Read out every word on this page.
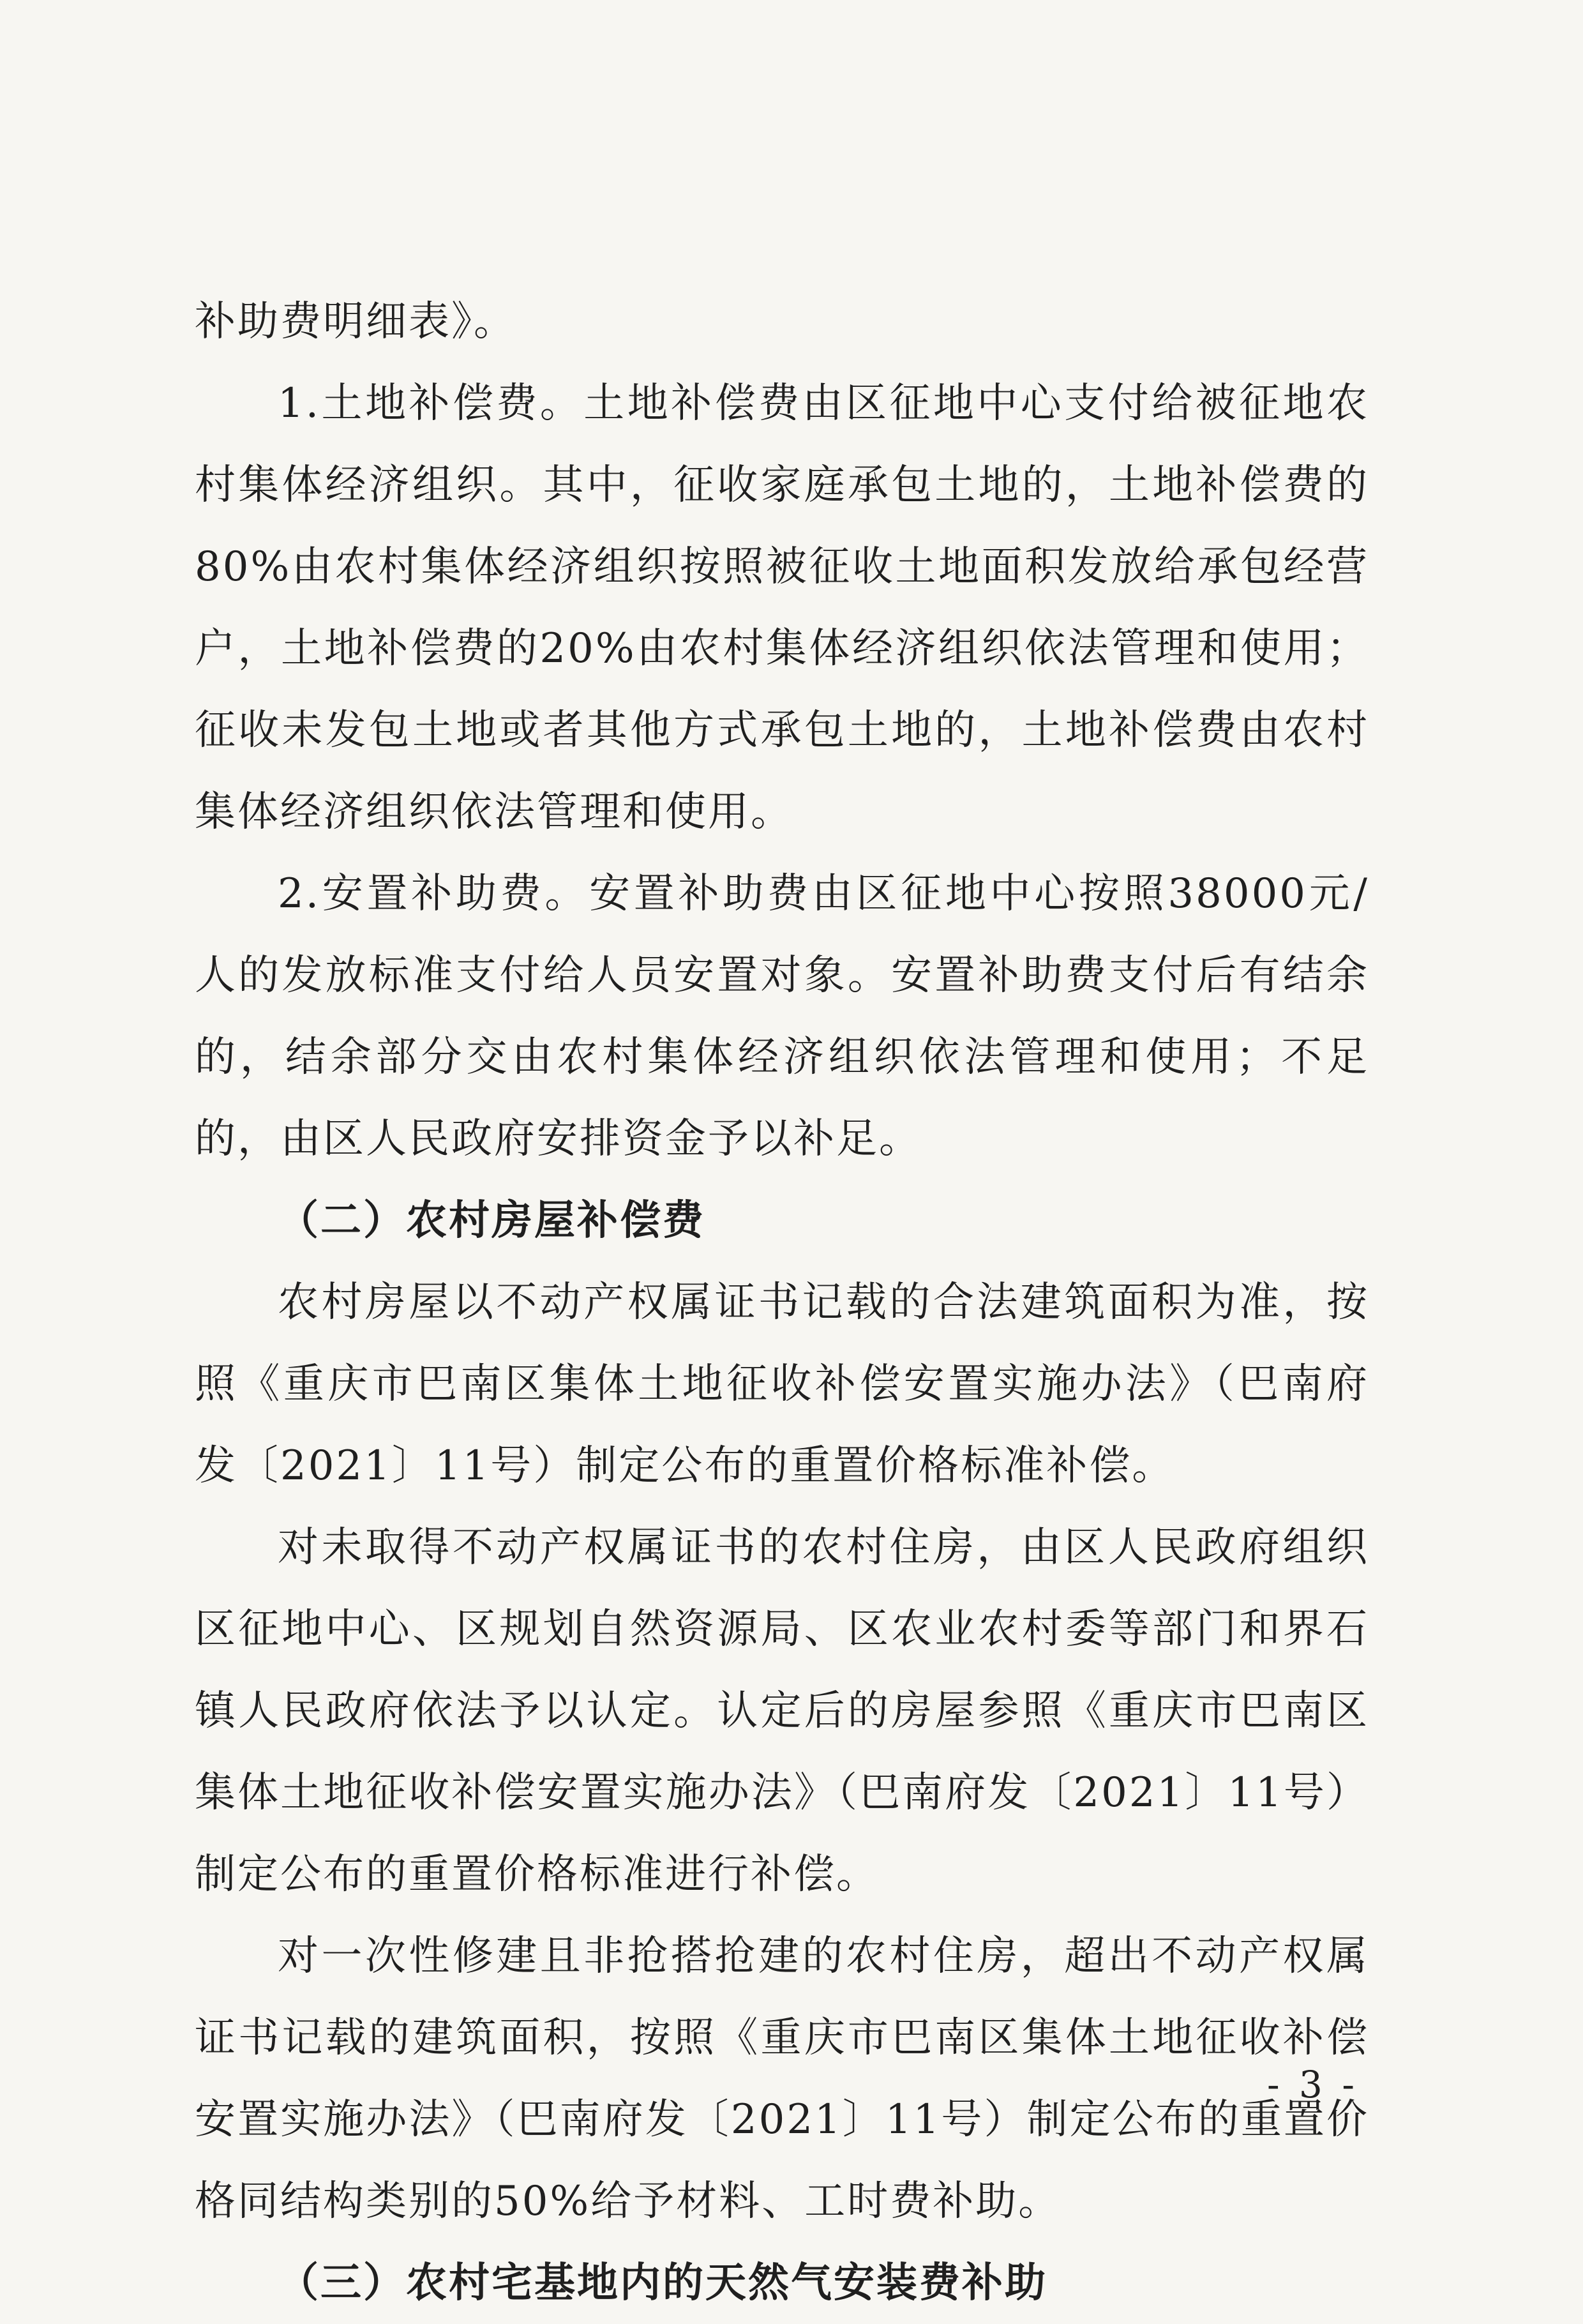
补助费明细表》。

1.土地补偿费。土地补偿费由区征地中心支付给被征地农村集体经济组织。其中，征收家庭承包土地的，土地补偿费的80%由农村集体经济组织按照被征收土地面积发放给承包经营户，土地补偿费的20%由农村集体经济组织依法管理和使用；征收未发包土地或者其他方式承包土地的，土地补偿费由农村集体经济组织依法管理和使用。

2.安置补助费。安置补助费由区征地中心按照38000元/人的发放标准支付给人员安置对象。安置补助费支付后有结余的，结余部分交由农村集体经济组织依法管理和使用；不足的，由区人民政府安排资金予以补足。

（二）农村房屋补偿费

农村房屋以不动产权属证书记载的合法建筑面积为准，按照《重庆市巴南区集体土地征收补偿安置实施办法》（巴南府发〔2021〕11号）制定公布的重置价格标准补偿。

对未取得不动产权属证书的农村住房，由区人民政府组织区征地中心、区规划自然资源局、区农业农村委等部门和界石镇人民政府依法予以认定。认定后的房屋参照《重庆市巴南区集体土地征收补偿安置实施办法》（巴南府发〔2021〕11号）制定公布的重置价格标准进行补偿。

对一次性修建且非抢搭抢建的农村住房，超出不动产权属证书记载的建筑面积，按照《重庆市巴南区集体土地征收补偿安置实施办法》（巴南府发〔2021〕11号）制定公布的重置价格同结构类别的50%给予材料、工时费补助。

（三）农村宅基地内的天然气安装费补助

- 3 -
